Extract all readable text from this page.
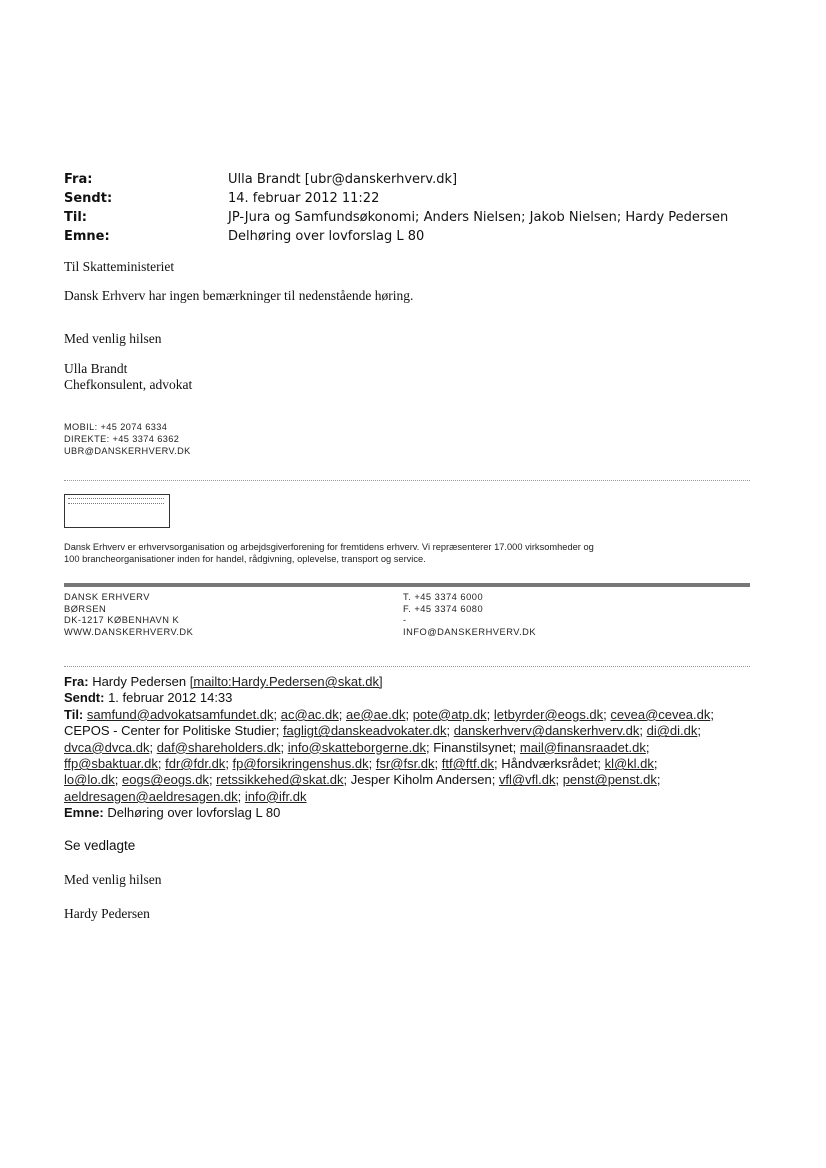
Fra:	Ulla Brandt [ubr@danskerhverv.dk]
Sendt:	14. februar 2012 11:22
Til:	JP-Jura og Samfundsøkonomi; Anders Nielsen; Jakob Nielsen; Hardy Pedersen
Emne:	Delhøring over lovforslag L 80
Til Skatteministeriet
Dansk Erhverv har ingen bemærkninger til nedenstående høring.
Med venlig hilsen
Ulla Brandt
Chefkonsulent, advokat
MOBIL: +45 2074 6334
DIREKTE: +45 3374 6362
UBR@DANSKERHVERV.DK
Dansk Erhverv er erhvervsorganisation og arbejdsgiverforening for fremtidens erhverv. Vi repræsenterer 17.000 virksomheder og
100 brancheorganisationer inden for handel, rådgivning, oplevelse, transport og service.
DANSK ERHVERV
BØRSEN
DK-1217 KØBENHAVN K
WWW.DANSKERHVERV.DK
T. +45 3374 6000
F. +45 3374 6080
-
INFO@DANSKERHVERV.DK
Fra: Hardy Pedersen [mailto:Hardy.Pedersen@skat.dk]
Sendt: 1. februar 2012 14:33
Til: samfund@advokatsamfundet.dk; ac@ac.dk; ae@ae.dk; pote@atp.dk; letbyrder@eogs.dk; cevea@cevea.dk;
CEPOS - Center for Politiske Studier; fagligt@danskeadvokater.dk; danskerhverv@danskerhverv.dk; di@di.dk;
dvca@dvca.dk; daf@shareholders.dk; info@skatteborgerne.dk; Finanstilsynet; mail@finansraadet.dk;
ffp@sbaktuar.dk; fdr@fdr.dk; fp@forsikringenshus.dk; fsr@fsr.dk; ftf@ftf.dk; Håndværksrådet; kl@kl.dk;
lo@lo.dk; eogs@eogs.dk; retssikkehed@skat.dk; Jesper Kiholm Andersen; vfl@vfl.dk; penst@penst.dk;
aeldresagen@aeldresagen.dk; info@ifr.dk
Emne: Delhøring over lovforslag L 80
Se vedlagte
Med venlig hilsen
Hardy Pedersen
